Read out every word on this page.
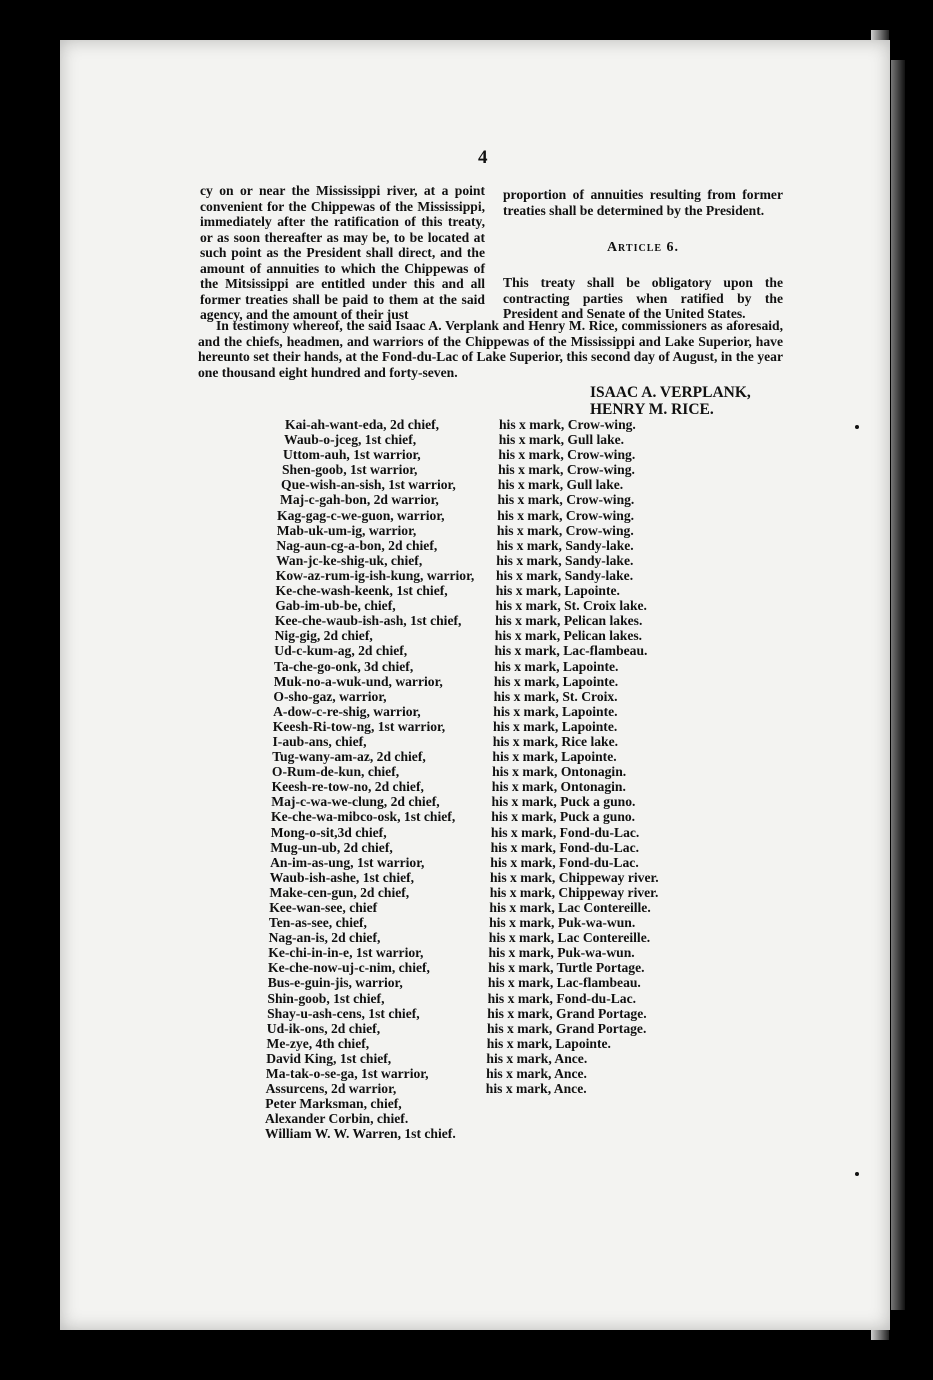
4
cy on or near the Mississippi river, at a point convenient for the Chippewas of the Mississippi, immediately after the ratification of this treaty, or as soon thereafter as may be, to be located at such point as the President shall direct, and the amount of annuities to which the Chippewas of the Mitsissippi are entitled under this and all former treaties shall be paid to them at the said agency, and the amount of their just
proportion of annuities resulting from former treaties shall be determined by the President.
Article 6.
This treaty shall be obligatory upon the contracting parties when ratified by the President and Senate of the United States.
In testimony whereof, the said Isaac A. Verplank and Henry M. Rice, commissioners as aforesaid, and the chiefs, headmen, and warriors of the Chippewas of the Mississippi and Lake Superior, have hereunto set their hands, at the Fond-du-Lac of Lake Superior, this second day of August, in the year one thousand eight hundred and forty-seven.
ISAAC A. VERPLANK,
HENRY M. RICE.
Kai-ah-want-eda, 2d chief,
Waub-o-jceg, 1st chief,
Uttom-auh, 1st warrior,
Shen-goob, 1st warrior,
Que-wish-an-sish, 1st warrior,
Maj-c-gah-bon, 2d warrior,
Kag-gag-c-we-guon, warrior,
Mab-uk-um-ig, warrior,
Nag-aun-cg-a-bon, 2d chief,
Wan-jc-ke-shig-uk, chief,
Kow-az-rum-ig-ish-kung, warrior,
Ke-che-wash-keenk, 1st chief,
Gab-im-ub-be, chief,
Kee-che-waub-ish-ash, 1st chief,
Nig-gig, 2d chief,
Ud-c-kum-ag, 2d chief,
Ta-che-go-onk, 3d chief,
Muk-no-a-wuk-und, warrior,
O-sho-gaz, warrior,
A-dow-c-re-shig, warrior,
Keesh-Ri-tow-ng, 1st warrior,
I-aub-ans, chief,
Tug-wany-am-az, 2d chief,
O-Rum-de-kun, chief,
Keesh-re-tow-no, 2d chief,
Maj-c-wa-we-clung, 2d chief,
Ke-che-wa-mibco-osk, 1st chief,
Mong-o-sit,3d chief,
Mug-un-ub, 2d chief,
An-im-as-ung, 1st warrior,
Waub-ish-ashe, 1st chief,
Make-cen-gun, 2d chief,
Kee-wan-see, chief
Ten-as-see, chief,
Nag-an-is, 2d chief,
Ke-chi-in-in-e, 1st warrior,
Ke-che-now-uj-c-nim, chief,
Bus-e-guin-jis, warrior,
Shin-goob, 1st chief,
Shay-u-ash-cens, 1st chief,
Ud-ik-ons, 2d chief,
Me-zye, 4th chief,
David King, 1st chief,
Ma-tak-o-se-ga, 1st warrior,
Assurcens, 2d warrior,
Peter Marksman, chief,
Alexander Corbin, chief.
William W. W. Warren, 1st chief.
his x mark, Crow-wing.
his x mark, Gull lake.
his x mark, Crow-wing.
his x mark, Crow-wing.
his x mark, Gull lake.
his x mark, Crow-wing.
his x mark, Crow-wing.
his x mark, Crow-wing.
his x mark, Sandy-lake.
his x mark, Sandy-lake.
his x mark, Sandy-lake.
his x mark, Lapointe.
his x mark, St. Croix lake.
his x mark, Pelican lakes.
his x mark, Pelican lakes.
his x mark, Lac-flambeau.
his x mark, Lapointe.
his x mark, Lapointe.
his x mark, St. Croix.
his x mark, Lapointe.
his x mark, Lapointe.
his x mark, Rice lake.
his x mark, Lapointe.
his x mark, Ontonagin.
his x mark, Ontonagin.
his x mark, Puck a guno.
his x mark, Puck a guno.
his x mark, Fond-du-Lac.
his x mark, Fond-du-Lac.
his x mark, Fond-du-Lac.
his x mark, Chippeway river.
his x mark, Chippeway river.
his x mark, Lac Contereille.
his x mark, Puk-wa-wun.
his x mark, Lac Contereille.
his x mark, Puk-wa-wun.
his x mark, Turtle Portage.
his x mark, Lac-flambeau.
his x mark, Fond-du-Lac.
his x mark, Grand Portage.
his x mark, Grand Portage.
his x mark, Lapointe.
his x mark, Ance.
his x mark, Ance.
his x mark, Ance.
